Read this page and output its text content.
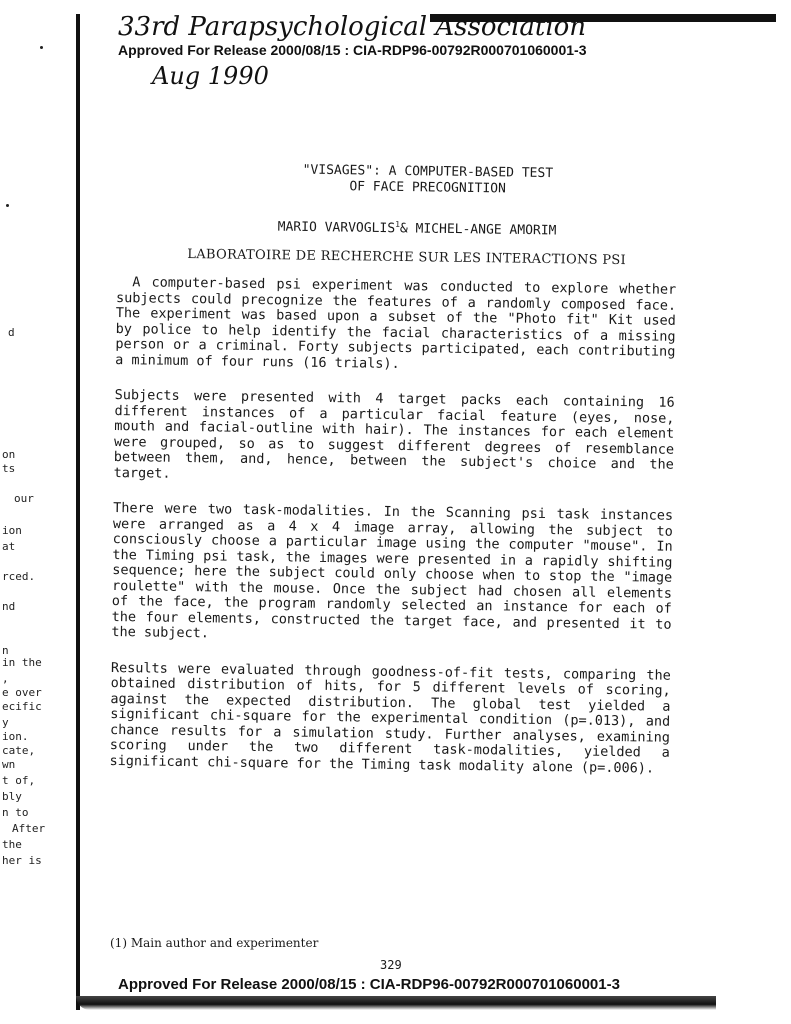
d
on
ts
our
ion
at
rced.
nd
n
in the
,
e over
ecific
y
ion.
cate,
wn
t of,
bly
n to
After
the
her is
33rd Parapsychological Association
Aug 1990
Approved For Release 2000/08/15 : CIA-RDP96-00792R000701060001-3
"VISAGES": A COMPUTER-BASED TEST
OF FACE PRECOGNITION
MARIO VARVOGLIS$^1$& MICHEL-ANGE AMORIM
LABORATOIRE DE RECHERCHE SUR LES INTERACTIONS PSI

A computer-based psi experiment was conducted to explore whether subjects could precognize the features of a randomly composed face. The experiment was based upon a subset of the "Photo fit" Kit used by police to help identify the facial characteristics of a missing person or a criminal. Forty subjects participated, each contributing a minimum of four runs (16 trials).

Subjects were presented with 4 target packs each containing 16 different instances of a particular facial feature (eyes, nose, mouth and facial-outline with hair). The instances for each element were grouped, so as to suggest different degrees of resemblance between them, and, hence, between the subject's choice and the target.

There were two task-modalities. In the Scanning psi task instances were arranged as a 4 x 4 image array, allowing the subject to consciously choose a particular image using the computer "mouse". In the Timing psi task, the images were presented in a rapidly shifting sequence; here the subject could only choose when to stop the "image roulette" with the mouse. Once the subject had chosen all elements of the face, the program randomly selected an instance for each of the four elements, constructed the target face, and presented it to the subject.

Results were evaluated through goodness-of-fit tests, comparing the obtained distribution of hits, for 5 different levels of scoring, against the expected distribution. The global test yielded a significant chi-square for the experimental condition (p=.013), and chance results for a simulation study. Further analyses, examining scoring under the two different task-modalities, yielded a significant chi-square for the Timing task modality alone (p=.006).

(1) Main author and experimenter
329
Approved For Release 2000/08/15 : CIA-RDP96-00792R000701060001-3
